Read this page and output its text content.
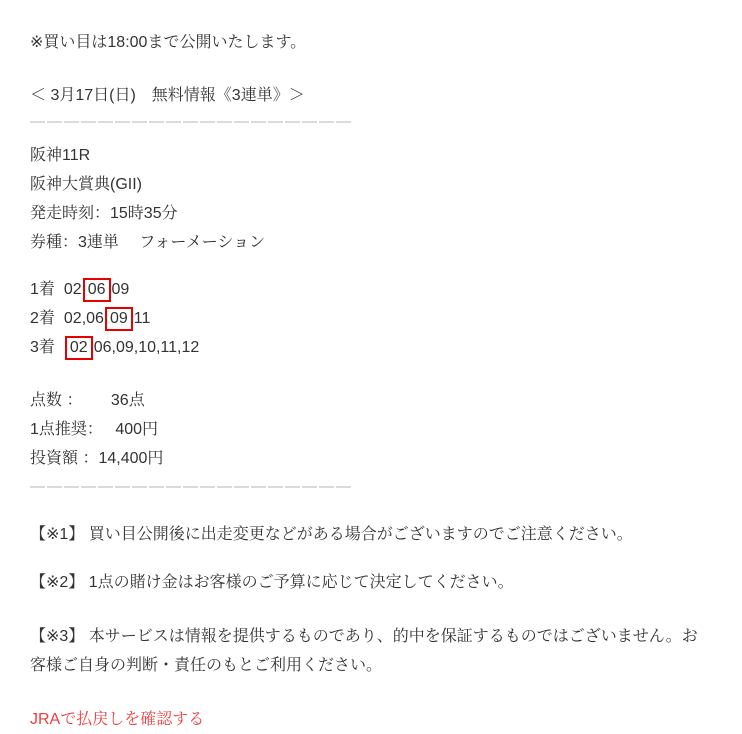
※買い目は18:00まで公開いたします。

＜ 3月17日(日)　無料情報《3連単》＞

―――――――――――――――――――

阪神11R

阪神大賞典(GII)

発走時刻：15時35分

券種：3連単　 フォーメーション

1着 02 06 09
2着 02,06 09 11
3着 02 06,09,10,11,12

点数 ：　　 36点

1点推奨：　 400円

投資額 ：14,400円

―――――――――――――――――――

【※1】 買い目公開後に出走変更などがある場合がございますのでご注意ください。

【※2】 1点の賭け金はお客様のご予算に応じて決定してください。

【※3】 本サービスは情報を提供するものであり、的中を保証するものではございません。お客様ご自身の判断・責任のもとご利用ください。

JRAで払戻しを確認する
